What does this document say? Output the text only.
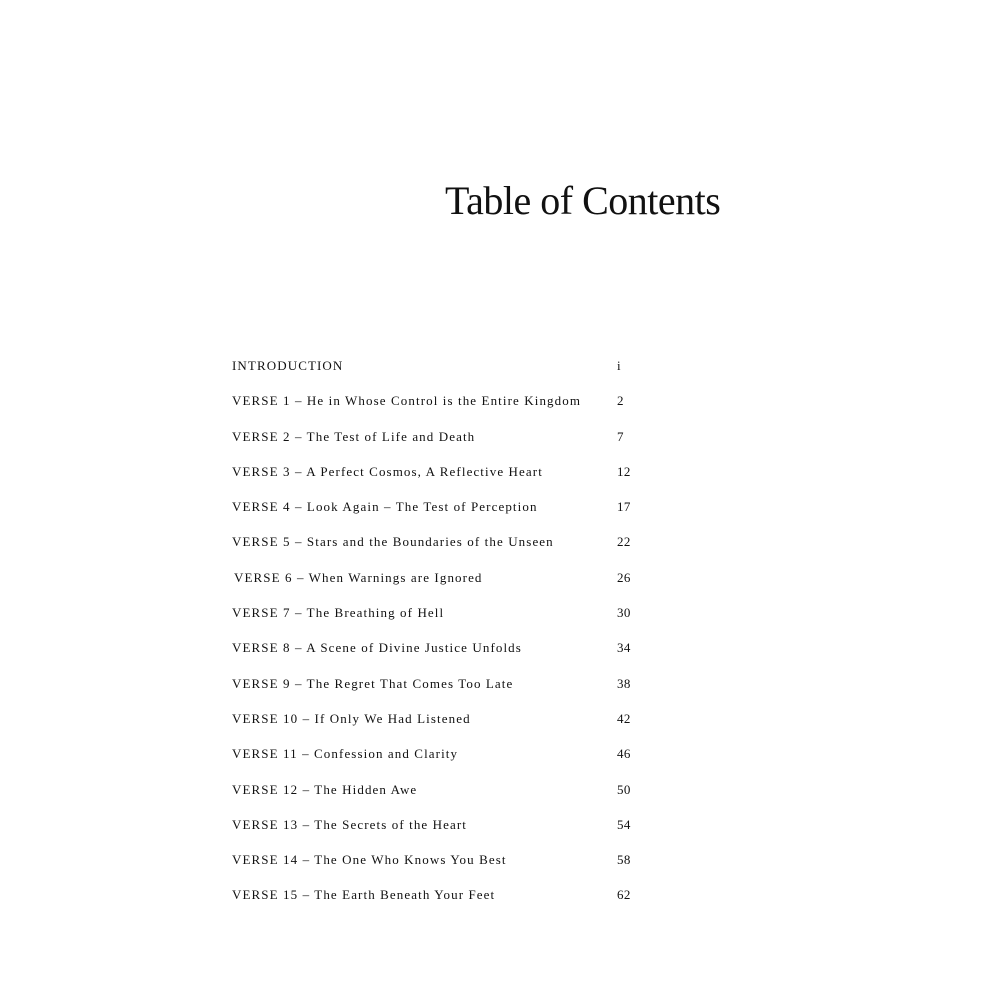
Table of Contents
INTRODUCTION	i
VERSE 1 – He in Whose Control is the Entire Kingdom	2
VERSE 2 – The Test of Life and Death	7
VERSE 3 – A Perfect Cosmos, A Reflective Heart	12
VERSE 4 – Look Again – The Test of Perception	17
VERSE 5 – Stars and the Boundaries of the Unseen	22
VERSE 6 – When Warnings are Ignored	26
VERSE 7 – The Breathing of Hell	30
VERSE 8 – A Scene of Divine Justice Unfolds	34
VERSE 9 – The Regret That Comes Too Late	38
VERSE 10 – If Only We Had Listened	42
VERSE 11 – Confession and Clarity	46
VERSE 12 – The Hidden Awe	50
VERSE 13 – The Secrets of the Heart	54
VERSE 14 – The One Who Knows You Best	58
VERSE 15 – The Earth Beneath Your Feet	62
